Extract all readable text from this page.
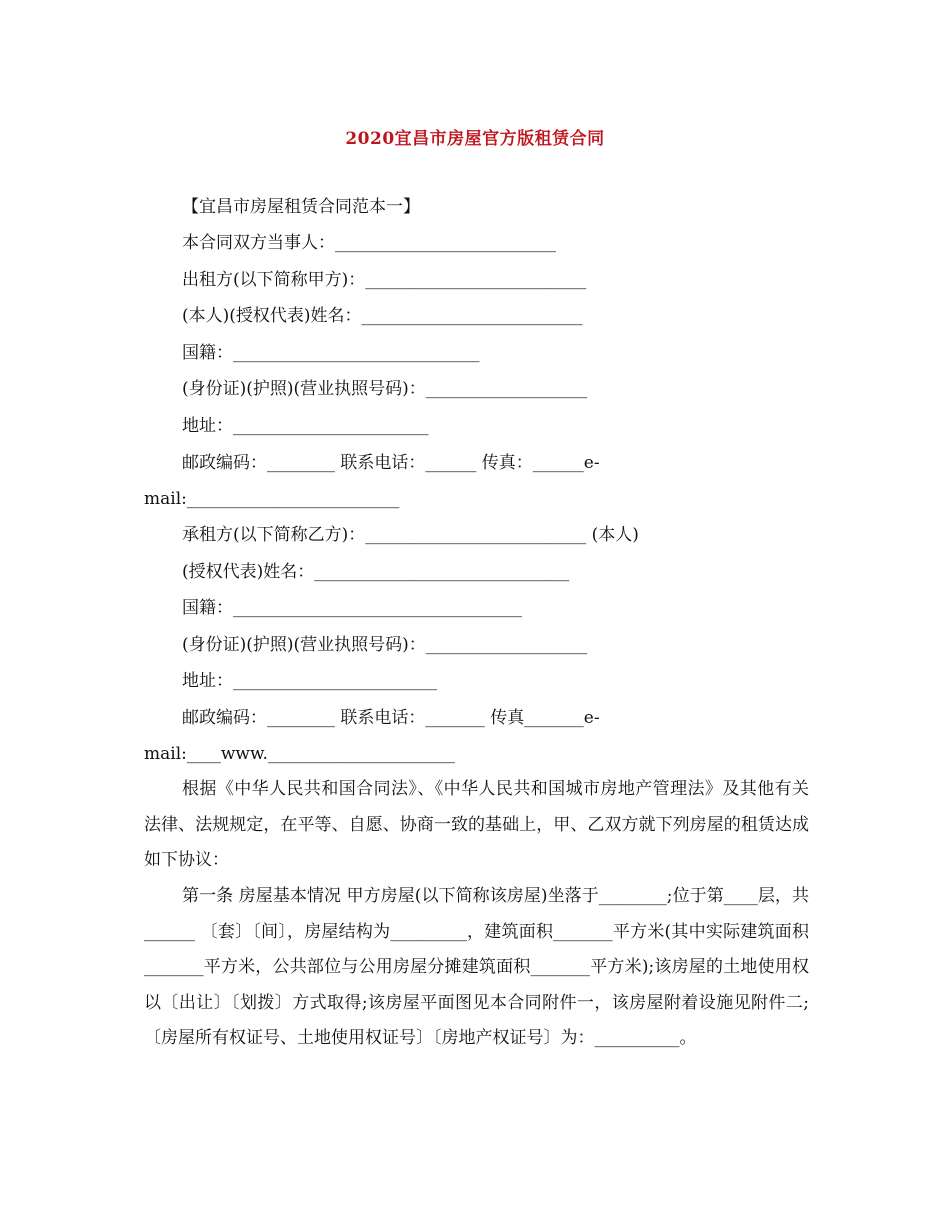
2020宜昌市房屋官方版租赁合同
【宜昌市房屋租赁合同范本一】
本合同双方当事人：__________________________
出租方(以下简称甲方)：__________________________
(本人)(授权代表)姓名：__________________________
国籍：_____________________________
(身份证)(护照)(营业执照号码)：___________________
地址：_______________________
邮政编码：________ 联系电话：______ 传真：______e-
mail:_________________________
承租方(以下简称乙方)：__________________________ (本人)
(授权代表)姓名：______________________________
国籍：__________________________________
(身份证)(护照)(营业执照号码)：___________________
地址：________________________
邮政编码：________ 联系电话：_______ 传真_______e-
mail:____www.______________________
根据《中华人民共和国合同法》、《中华人民共和国城市房地产管理法》及其他有关法律、法规规定，在平等、自愿、协商一致的基础上，甲、乙双方就下列房屋的租赁达成如下协议：
第一条 房屋基本情况 甲方房屋(以下简称该房屋)坐落于________;位于第____层，共______ 〔套〕〔间〕，房屋结构为_________，建筑面积_______平方米(其中实际建筑面积_______平方米，公共部位与公用房屋分摊建筑面积_______平方米);该房屋的土地使用权以〔出让〕〔划拨〕方式取得;该房屋平面图见本合同附件一，该房屋附着设施见附件二;〔房屋所有权证号、土地使用权证号〕〔房地产权证号〕为：__________。
